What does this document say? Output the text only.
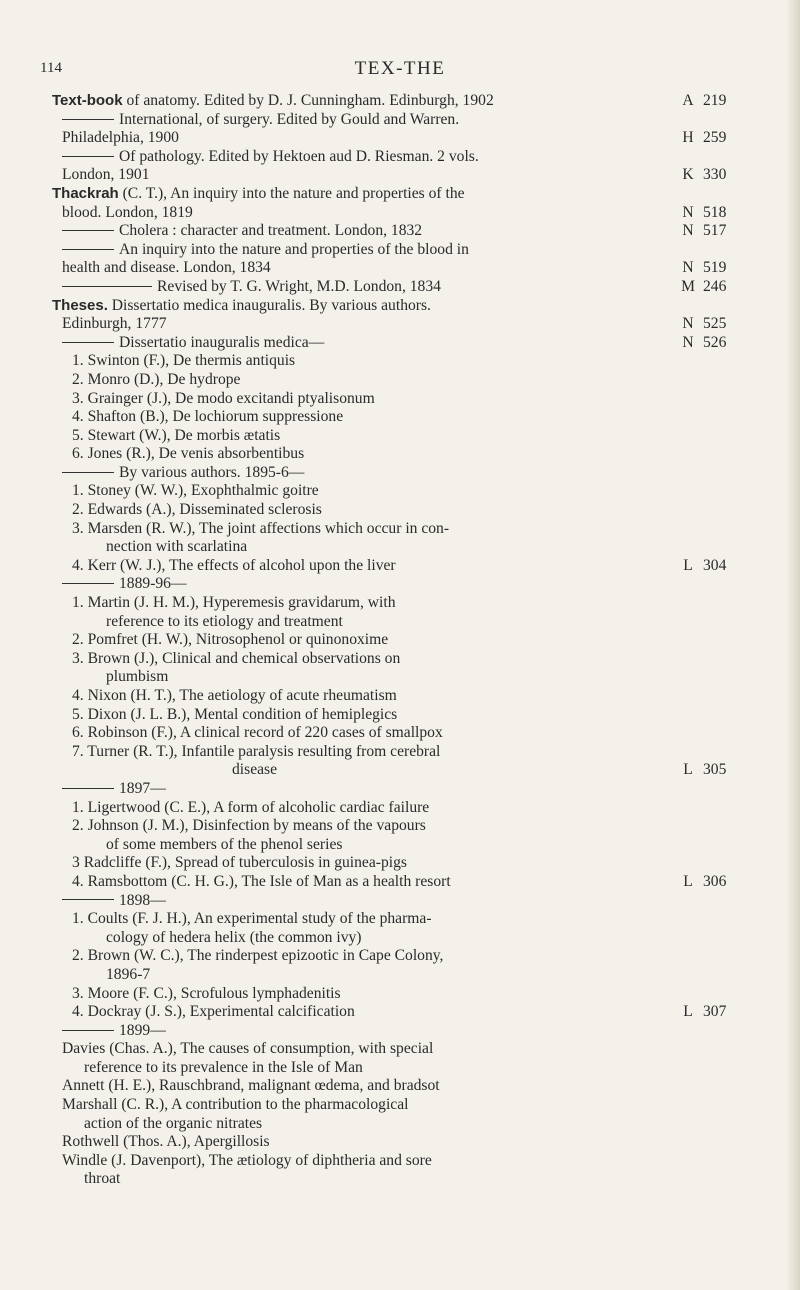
114	TEX-THE
Text-book of anatomy. Edited by D. J. Cunningham. Edinburgh, 1902	A 219
International, of surgery. Edited by Gould and Warren.
Philadelphia, 1900	H 259
Of pathology. Edited by Hektoen aud D. Riesman. 2 vols.
London, 1901	K 330
Thackrah (C. T.), An inquiry into the nature and properties of the
blood. London, 1819	N 518
Cholera : character and treatment. London, 1832	N 517
An inquiry into the nature and properties of the blood in
health and disease. London, 1834	N 519
Revised by T. G. Wright, M.D. London, 1834	M 246
Theses. Dissertatio medica inauguralis. By various authors.
Edinburgh, 1777	N 525
Dissertatio inauguralis medica—	N 526
1. Swinton (F.), De thermis antiquis
2. Monro (D.), De hydrope
3. Grainger (J.), De modo excitandi ptyalisonum
4. Shafton (B.), De lochiorum suppressione
5. Stewart (W.), De morbis ætatis
6. Jones (R.), De venis absorbentibus
By various authors. 1895-6—
1. Stoney (W. W.), Exophthalmic goitre
2. Edwards (A.), Disseminated sclerosis
3. Marsden (R. W.), The joint affections which occur in con-
nection with scarlatina
4. Kerr (W. J.), The effects of alcohol upon the liver	L 304
1889-96—
1. Martin (J. H. M.), Hyperemesis gravidarum, with
reference to its etiology and treatment
2. Pomfret (H. W.), Nitrosophenol or quinonoxime
3. Brown (J.), Clinical and chemical observations on
plumbism
4. Nixon (H. T.), The aetiology of acute rheumatism
5. Dixon (J. L. B.), Mental condition of hemiplegics
6. Robinson (F.), A clinical record of 220 cases of smallpox
7. Turner (R. T.), Infantile paralysis resulting from cerebral
disease	L 305
1897—
1. Ligertwood (C. E.), A form of alcoholic cardiac failure
2. Johnson (J. M.), Disinfection by means of the vapours
of some members of the phenol series
3 Radcliffe (F.), Spread of tuberculosis in guinea-pigs
4. Ramsbottom (C. H. G.), The Isle of Man as a health resort	L 306
1898—
1. Coults (F. J. H.), An experimental study of the pharma-
cology of hedera helix (the common ivy)
2. Brown (W. C.), The rinderpest epizootic in Cape Colony,
1896-7
3. Moore (F. C.), Scrofulous lymphadenitis
4. Dockray (J. S.), Experimental calcification	L 307
1899—
Davies (Chas. A.), The causes of consumption, with special
reference to its prevalence in the Isle of Man
Annett (H. E.), Rauschbrand, malignant œdema, and bradsot
Marshall (C. R.), A contribution to the pharmacological
action of the organic nitrates
Rothwell (Thos. A.), Apergillosis
Windle (J. Davenport), The ætiology of diphtheria and sore
throat
